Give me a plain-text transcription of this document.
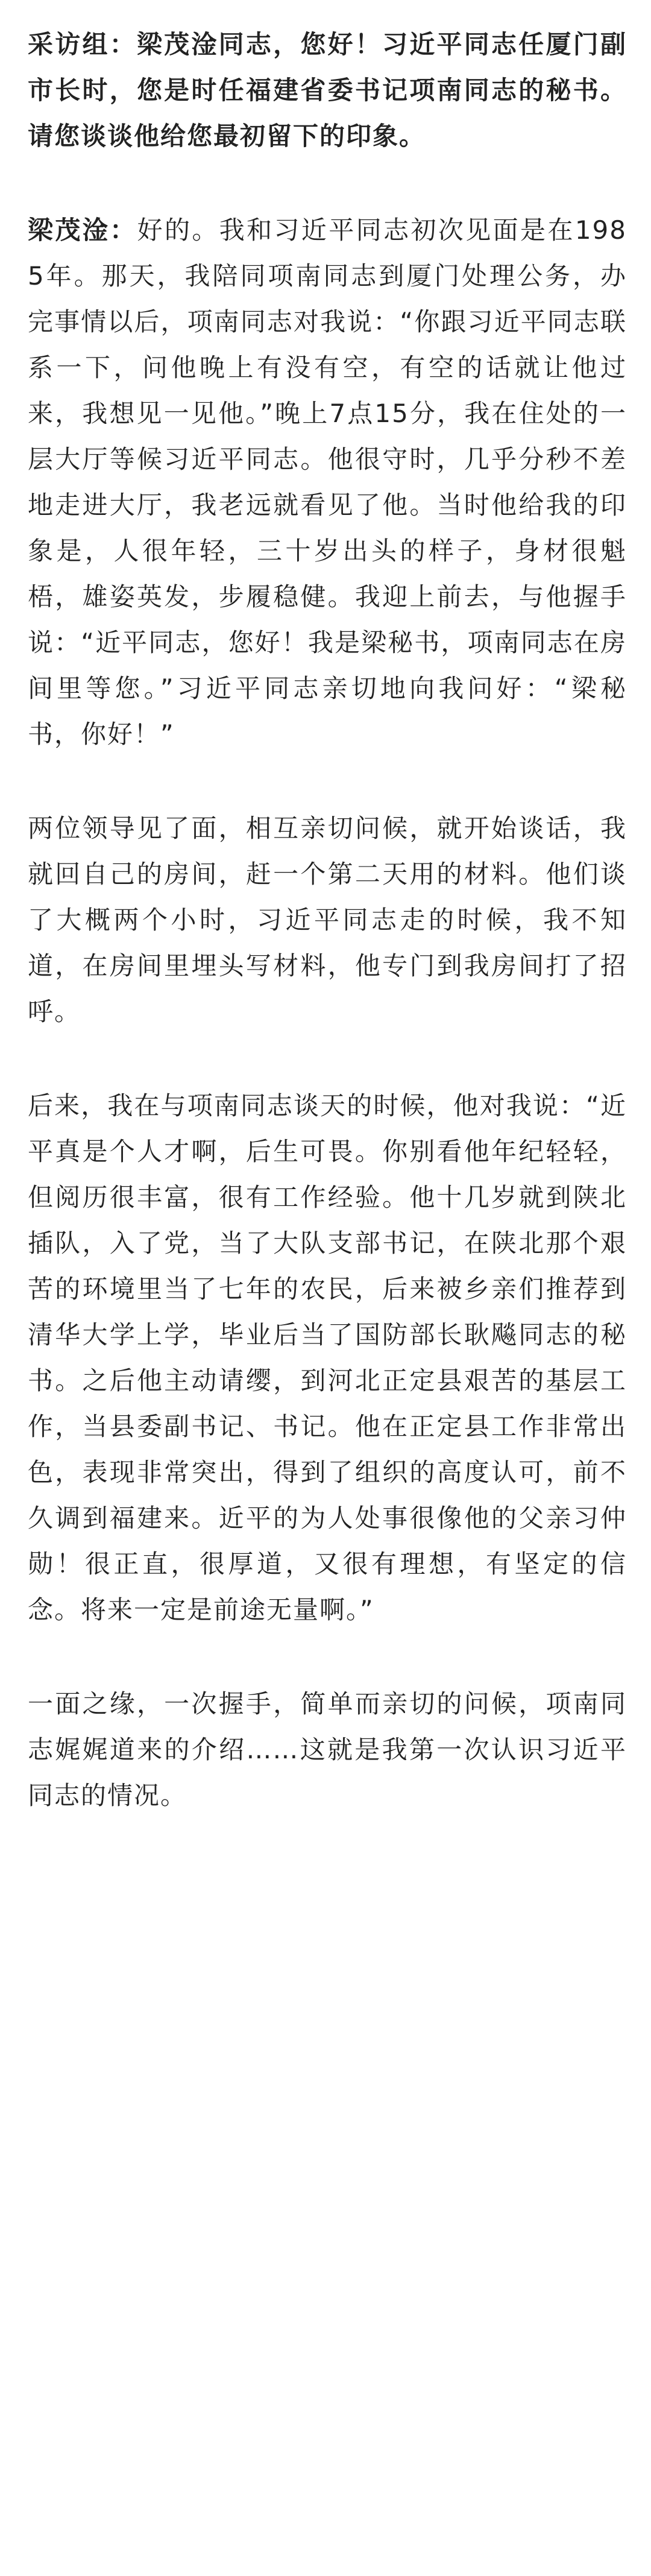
采访组：梁茂淦同志，您好！习近平同志任厦门副市长时，您是时任福建省委书记项南同志的秘书。请您谈谈他给您最初留下的印象。

梁茂淦：好的。我和习近平同志初次见面是在1985年。那天，我陪同项南同志到厦门处理公务，办完事情以后，项南同志对我说：“你跟习近平同志联系一下，问他晚上有没有空，有空的话就让他过来，我想见一见他。”晚上7点15分，我在住处的一层大厅等候习近平同志。他很守时，几乎分秒不差地走进大厅，我老远就看见了他。当时他给我的印象是，人很年轻，三十岁出头的样子，身材很魁梧，雄姿英发，步履稳健。我迎上前去，与他握手说：“近平同志，您好！我是梁秘书，项南同志在房间里等您。”习近平同志亲切地向我问好：“梁秘书，你好！”

两位领导见了面，相互亲切问候，就开始谈话，我就回自己的房间，赶一个第二天用的材料。他们谈了大概两个小时，习近平同志走的时候，我不知道，在房间里埋头写材料，他专门到我房间打了招呼。

后来，我在与项南同志谈天的时候，他对我说：“近平真是个人才啊，后生可畏。你别看他年纪轻轻，但阅历很丰富，很有工作经验。他十几岁就到陕北插队，入了党，当了大队支部书记，在陕北那个艰苦的环境里当了七年的农民，后来被乡亲们推荐到清华大学上学，毕业后当了国防部长耿飚同志的秘书。之后他主动请缨，到河北正定县艰苦的基层工作，当县委副书记、书记。他在正定县工作非常出色，表现非常突出，得到了组织的高度认可，前不久调到福建来。近平的为人处事很像他的父亲习仲勋！很正直，很厚道，又很有理想，有坚定的信念。将来一定是前途无量啊。”

一面之缘，一次握手，简单而亲切的问候，项南同志娓娓道来的介绍……这就是我第一次认识习近平同志的情况。
